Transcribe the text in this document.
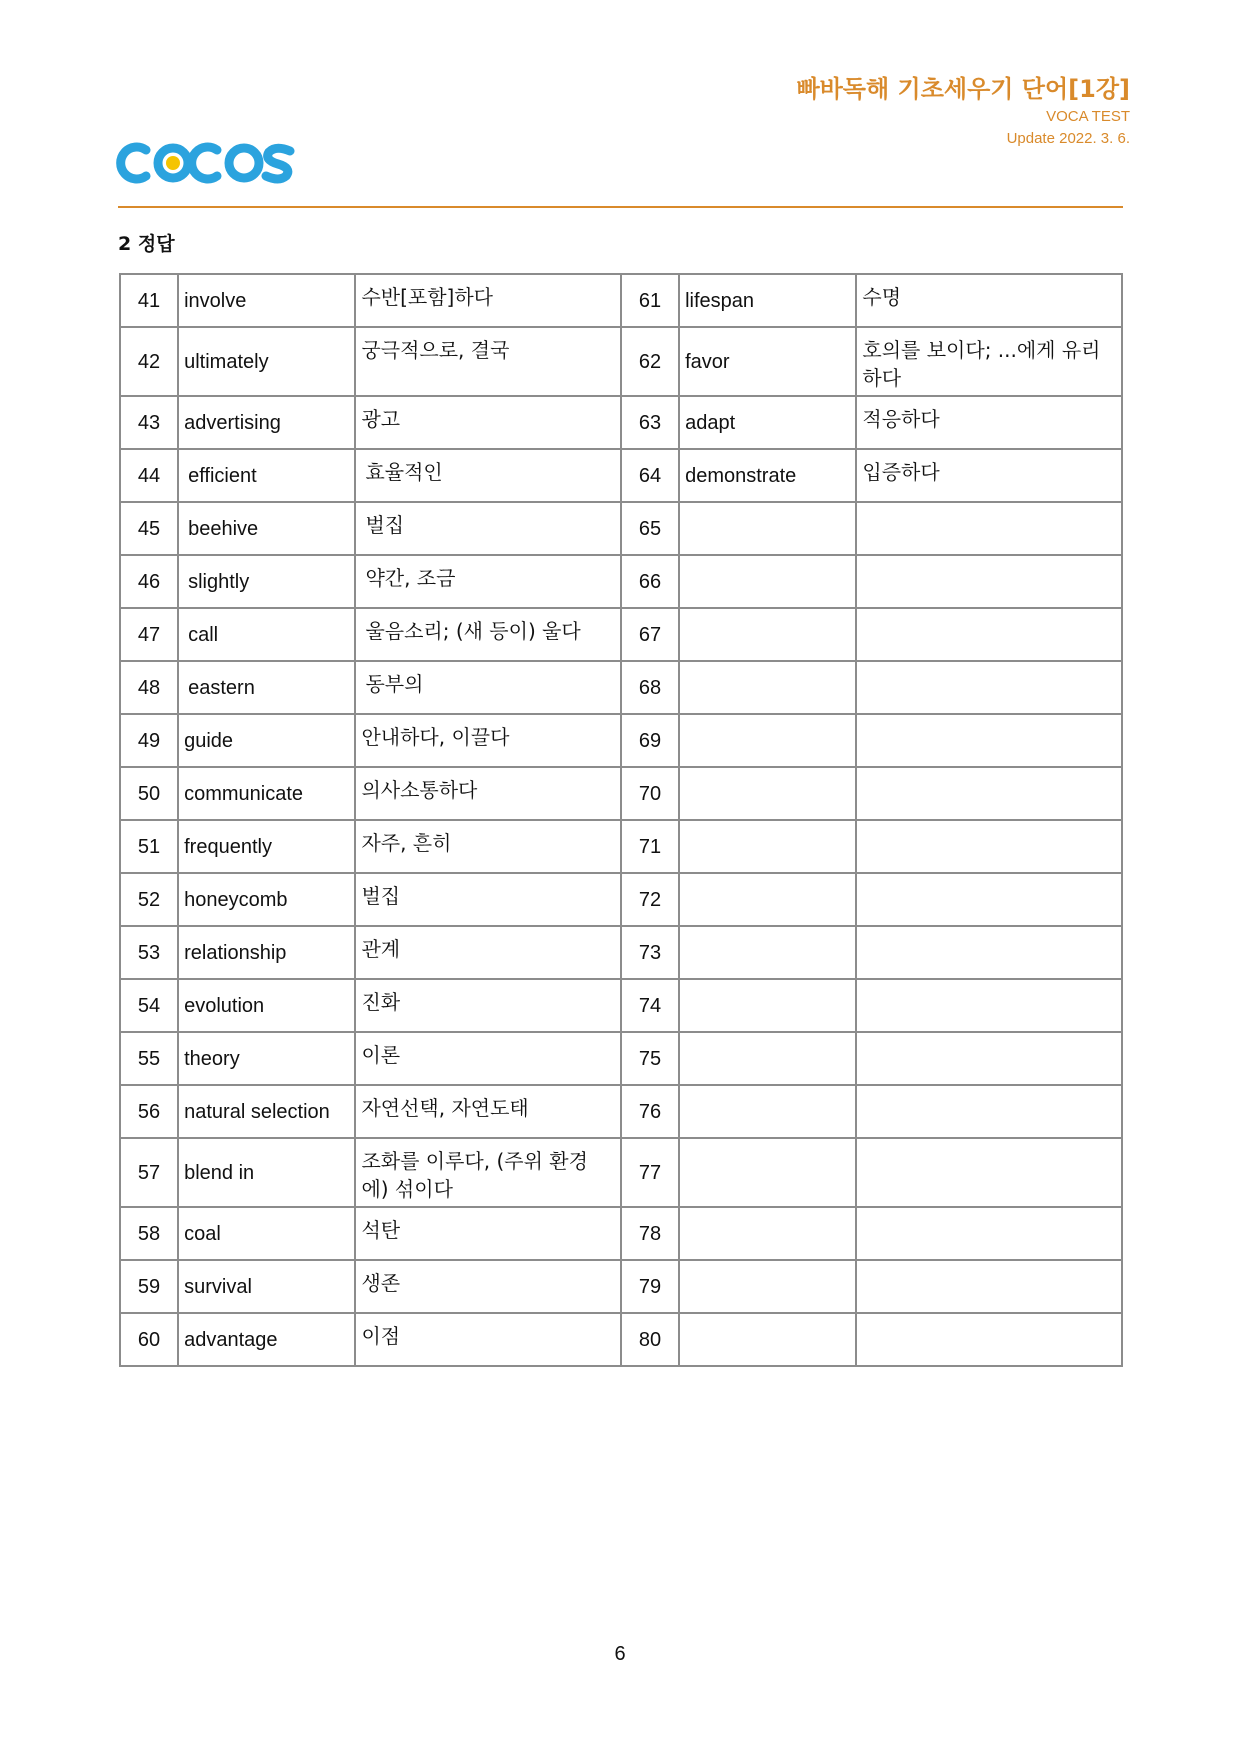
빠바독해 기초세우기 단어[1강]
VOCA TEST
Update 2022. 3. 6.
2 정답
41	involve	수반[포함]하다	61	lifespan	수명
42	ultimately	궁극적으로, 결국	62	favor	호의를 보이다; ...에게 유리하다
43	advertising	광고	63	adapt	적응하다
44	efficient	효율적인	64	demonstrate	입증하다
45	beehive	벌집	65		
46	slightly	약간, 조금	66		
47	call	울음소리; (새 등이) 울다	67		
48	eastern	동부의	68		
49	guide	안내하다, 이끌다	69		
50	communicate	의사소통하다	70		
51	frequently	자주, 흔히	71		
52	honeycomb	벌집	72		
53	relationship	관계	73		
54	evolution	진화	74		
55	theory	이론	75		
56	natural selection	자연선택, 자연도태	76		
57	blend in	조화를 이루다, (주위 환경에) 섞이다	77		
58	coal	석탄	78		
59	survival	생존	79		
60	advantage	이점	80		
6
